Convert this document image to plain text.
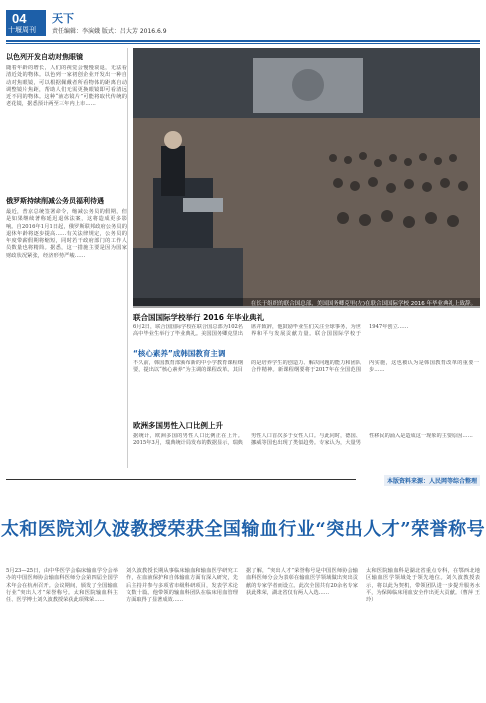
04
十堰周刊
天下
责任编辑：李演娥 版式：吕大芳 2016.6.9
以色列开发自动对焦眼镜
随着年龄的增长，人们的视觉会慢慢衰退，无法看清近处的物体。以色列一家初创企业开发出一种自动对焦眼镜，可以根据佩戴者所看物体的距离自动调整镜片焦距，帮助人们无需更换眼镜即可看清远近不同的物体。这种“液态镜片”可能将取代传统的老花镜，据悉预计两至三年内上市……
俄罗斯持续削减公务员福利待遇
最近，普京总统签署命令，缩减公务员的假期，但是如果继续著称延迟退休法案，这将造成更多影响。自2016年1月1日起，俄罗斯联邦政府公务员的退休年龄将逐步提高……有关法律规定，公务员的年度带薪假期将缩短，同时若干政府部门的工作人员数量也将精简。据悉，这一措施主要是因为国家财政状况紧张，经济形势严峻……
在长于组织的联合国总部，美国国务卿克里(左)在联合国国际学校 2016 年毕业典礼上致辞。
联合国国际学校举行 2016 年毕业典礼
6月2日，联合国国际学校在联合国总部为102名高中毕业生举行了毕业典礼。美国国务卿克里出席并致辞，他鼓励毕业生们关注全球事务，为世界和平与发展贡献力量。联合国国际学校于1947年创立……
“核心素养”成韩国教育主调
不久前，韩国教育部颁布新的中小学教育课程纲要，提出以“核心素养”为主调的课程改革。其目的是培养学生的创造力、解决问题的能力和团队合作精神。新课程纲要将于2017年在全国范围内实施，这也被认为是韩国教育改革的重要一步……
欧洲多国男性入口比例上升
据统计，欧洲多国的男性人口比例正在上升。2015年3月，瑞典统计局发布的数据显示，瑞典男性人口首次多于女性人口。与此同时，德国、挪威等国也出现了类似趋势。专家认为，大量男性移民的涌入是造成这一现象的主要原因……
本版资料来源：人民网等综合整理
太和医院刘久波教授荣获全国输血行业“突出人才”荣誉称号
5月23—25日，由中华医学会临床输血学分会举办的中国医师协会输血科医师分会第四届全国学术年会在杭州召开。会议期间，颁发了全国输血行业“突出人才”荣誉称号。太和医院输血科主任、医学博士刘久波教授荣获此项殊荣……
刘久波教授长期从事临床输血和输血医学研究工作，在血液保护和自体输血方面有深入研究，先后主持并参与多项省市级科研项目，发表学术论文数十篇。他带领的输血科团队在临床用血管理方面取得了显著成效……
据了解，“突出人才”荣誉称号是中国医师协会输血科医师分会为表彰在输血医学领域做出突出贡献的专家学者而设立。此次全国共有20余名专家获此殊荣，湖北省仅有两人入选……
太和医院输血科是湖北省重点专科，在鄂西北地区输血医学领域处于领先地位。刘久波教授表示，将以此为契机，带领团队进一步提升服务水平，为保障临床用血安全作出更大贡献。（曹萍 王玲）
